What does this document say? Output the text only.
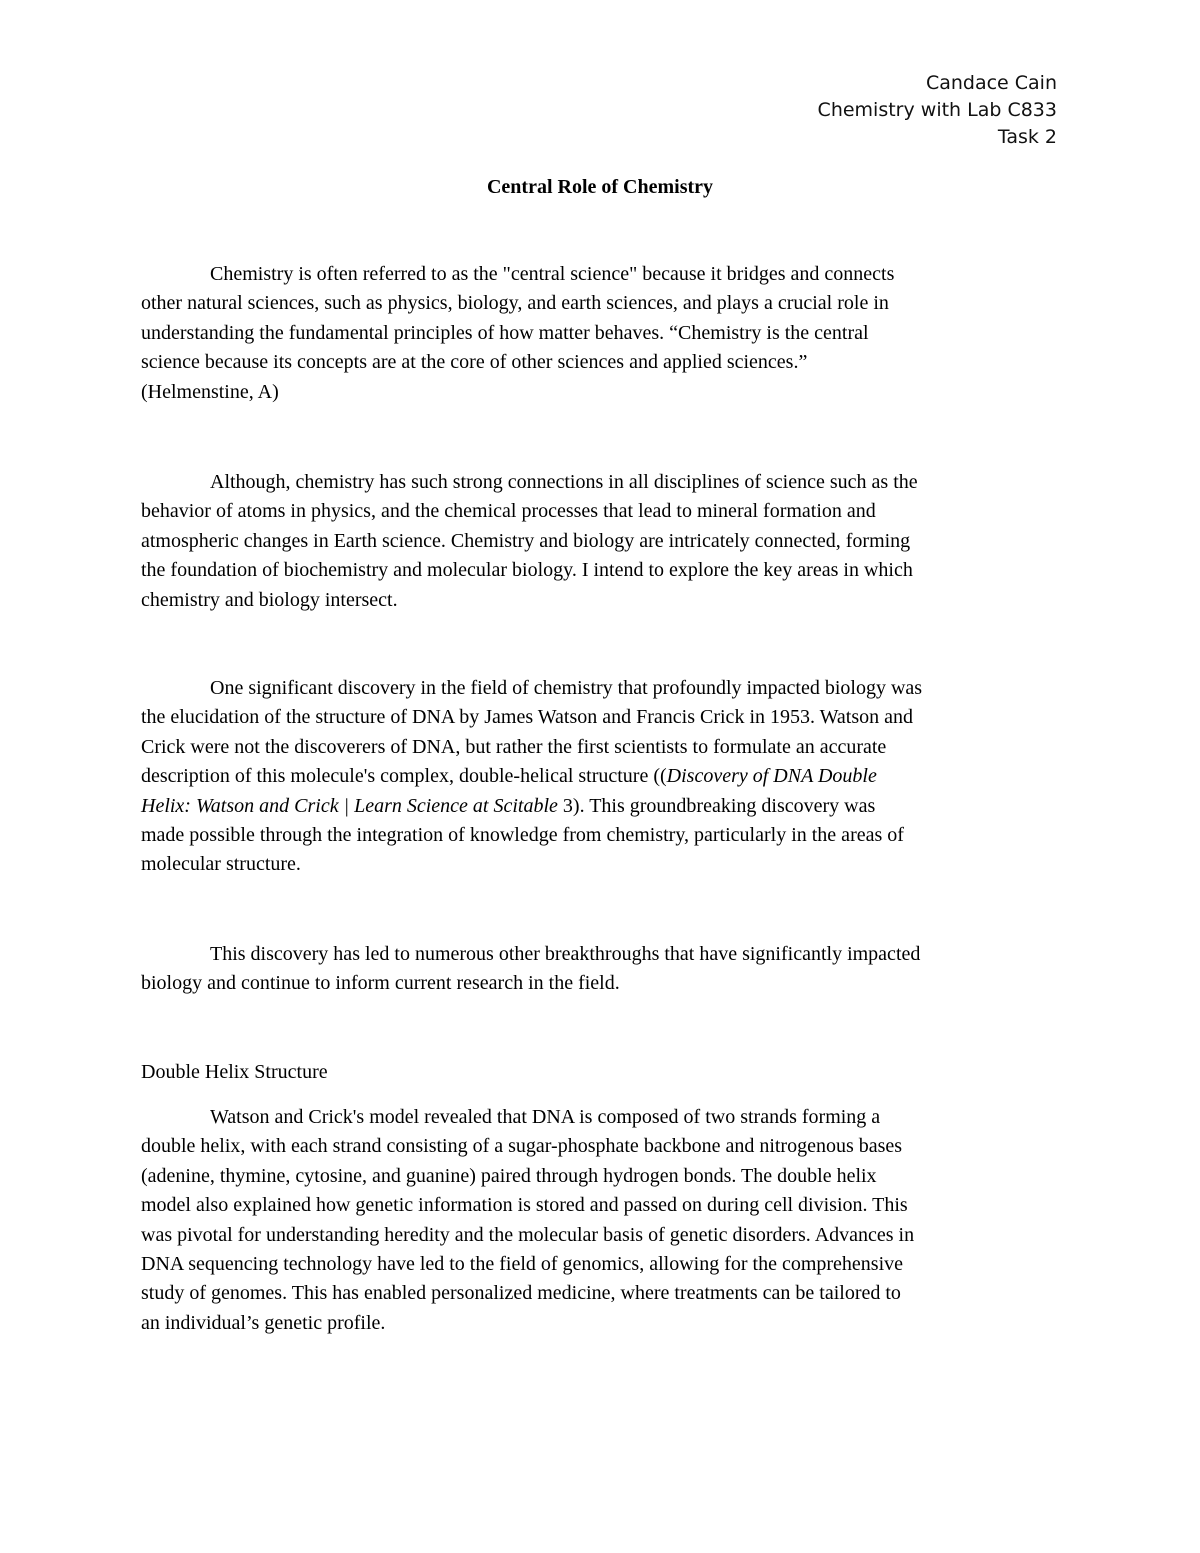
Candace Cain
Chemistry with Lab C833
Task 2
Central Role of Chemistry

Chemistry is often referred to as the "central science" because it bridges and connects
other natural sciences, such as physics, biology, and earth sciences, and plays a crucial role in
understanding the fundamental principles of how matter behaves. “Chemistry is the central
science because its concepts are at the core of other sciences and applied sciences.”
(Helmenstine, A)

Although, chemistry has such strong connections in all disciplines of science such as the
behavior of atoms in physics, and the chemical processes that lead to mineral formation and
atmospheric changes in Earth science. Chemistry and biology are intricately connected, forming
the foundation of biochemistry and molecular biology. I intend to explore the key areas in which
chemistry and biology intersect.

One significant discovery in the field of chemistry that profoundly impacted biology was
the elucidation of the structure of DNA by James Watson and Francis Crick in 1953. Watson and
Crick were not the discoverers of DNA, but rather the first scientists to formulate an accurate
description of this molecule's complex, double-helical structure ((Discovery of DNA Double
Helix: Watson and Crick | Learn Science at Scitable 3). This groundbreaking discovery was
made possible through the integration of knowledge from chemistry, particularly in the areas of
molecular structure.

This discovery has led to numerous other breakthroughs that have significantly impacted
biology and continue to inform current research in the field.

Double Helix Structure

Watson and Crick's model revealed that DNA is composed of two strands forming a
double helix, with each strand consisting of a sugar-phosphate backbone and nitrogenous bases
(adenine, thymine, cytosine, and guanine) paired through hydrogen bonds. The double helix
model also explained how genetic information is stored and passed on during cell division. This
was pivotal for understanding heredity and the molecular basis of genetic disorders. Advances in
DNA sequencing technology have led to the field of genomics, allowing for the comprehensive
study of genomes. This has enabled personalized medicine, where treatments can be tailored to
an individual’s genetic profile.
